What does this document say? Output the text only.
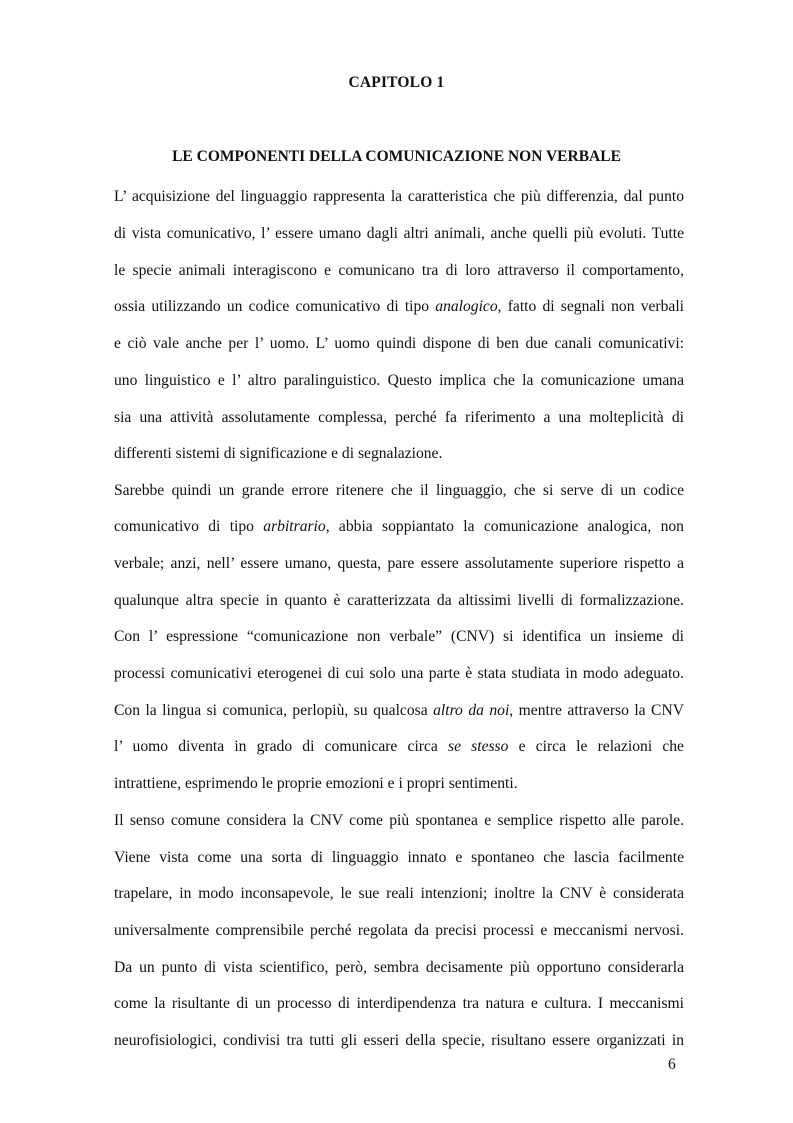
CAPITOLO 1
LE COMPONENTI DELLA COMUNICAZIONE NON VERBALE

L’ acquisizione del linguaggio rappresenta la caratteristica che più differenzia, dal punto

di vista comunicativo, l’ essere umano dagli altri animali, anche quelli più evoluti. Tutte

le specie animali interagiscono e comunicano tra di loro attraverso il comportamento,

ossia utilizzando un codice comunicativo di tipo analogico, fatto di segnali non verbali

e ciò vale anche per l’ uomo. L’ uomo quindi dispone di ben due canali comunicativi:

uno linguistico e l’ altro paralinguistico. Questo implica che la comunicazione umana

sia una attività assolutamente complessa, perché fa riferimento a una molteplicità di

differenti sistemi di significazione e di segnalazione.

Sarebbe quindi un grande errore ritenere che il linguaggio, che si serve di un codice

comunicativo di tipo arbitrario, abbia soppiantato la comunicazione analogica, non

verbale; anzi, nell’ essere umano, questa, pare essere assolutamente superiore rispetto a

qualunque altra specie in quanto è caratterizzata da altissimi livelli di formalizzazione.

Con l’ espressione “comunicazione non verbale” (CNV) si identifica un insieme di

processi comunicativi eterogenei di cui solo una parte è stata studiata in modo adeguato.

Con la lingua si comunica, perlopiù, su qualcosa altro da noi, mentre attraverso la CNV

l’ uomo diventa in grado di comunicare circa se stesso e circa le relazioni che

intrattiene, esprimendo le proprie emozioni e i propri sentimenti.

Il senso comune considera la CNV come più spontanea e semplice rispetto alle parole.

Viene vista come una sorta di linguaggio innato e spontaneo che lascia facilmente

trapelare, in modo inconsapevole, le sue reali intenzioni; inoltre la CNV è considerata

universalmente comprensibile perché regolata da precisi processi e meccanismi nervosi.

Da un punto di vista scientifico, però, sembra decisamente più opportuno considerarla

come la risultante di un processo di interdipendenza tra natura e cultura. I meccanismi

neurofisiologici, condivisi tra tutti gli esseri della specie, risultano essere organizzati in

6
